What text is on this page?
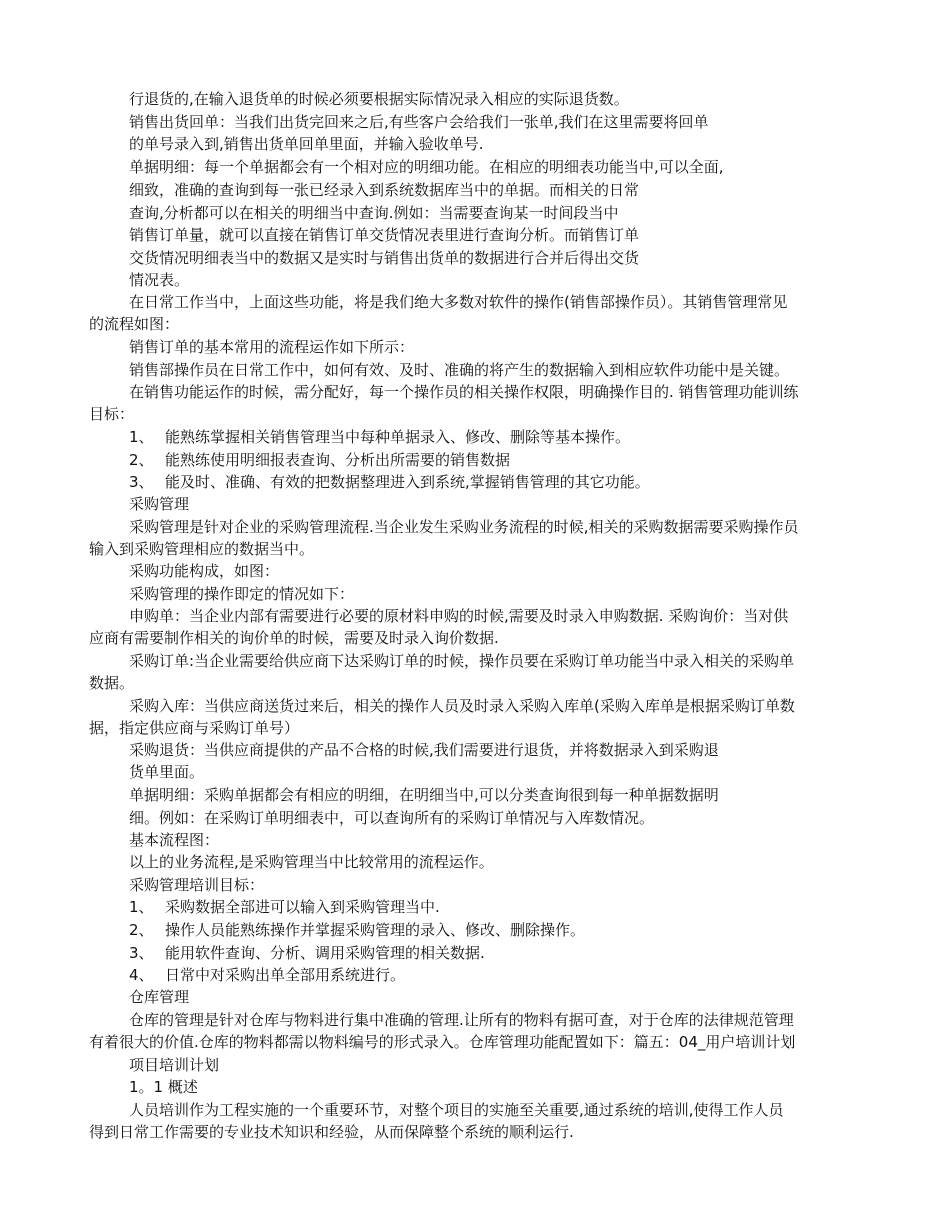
行退货的,在输入退货单的时候必须要根据实际情况录入相应的实际退货数。
销售出货回单：当我们出货完回来之后,有些客户会给我们一张单,我们在这里需要将回单
的单号录入到,销售出货单回单里面，并输入验收单号.
单据明细：每一个单据都会有一个相对应的明细功能。在相应的明细表功能当中,可以全面,
细致，准确的查询到每一张已经录入到系统数据库当中的单据。而相关的日常
查询,分析都可以在相关的明细当中查询.例如：当需要查询某一时间段当中
销售订单量，就可以直接在销售订单交货情况表里进行查询分析。而销售订单
交货情况明细表当中的数据又是实时与销售出货单的数据进行合并后得出交货
情况表。
在日常工作当中，上面这些功能，将是我们绝大多数对软件的操作(销售部操作员）。其销售管理常见
的流程如图：
销售订单的基本常用的流程运作如下所示：
销售部操作员在日常工作中，如何有效、及时、准确的将产生的数据输入到相应软件功能中是关键。
在销售功能运作的时候，需分配好，每一个操作员的相关操作权限，明确操作目的. 销售管理功能训练
目标：
1、 能熟练掌握相关销售管理当中每种单据录入、修改、删除等基本操作。
2、 能熟练使用明细报表查询、分析出所需要的销售数据
3、 能及时、准确、有效的把数据整理进入到系统,掌握销售管理的其它功能。
采购管理
采购管理是针对企业的采购管理流程.当企业发生采购业务流程的时候,相关的采购数据需要采购操作员
输入到采购管理相应的数据当中。
采购功能构成，如图：
采购管理的操作即定的情况如下：
申购单：当企业内部有需要进行必要的原材料申购的时候,需要及时录入申购数据. 采购询价：当对供
应商有需要制作相关的询价单的时候，需要及时录入询价数据.
采购订单:当企业需要给供应商下达采购订单的时候，操作员要在采购订单功能当中录入相关的采购单
数据。
采购入库：当供应商送货过来后，相关的操作人员及时录入采购入库单(采购入库单是根据采购订单数
据，指定供应商与采购订单号）
采购退货：当供应商提供的产品不合格的时候,我们需要进行退货，并将数据录入到采购退
货单里面。
单据明细：采购单据都会有相应的明细，在明细当中,可以分类查询很到每一种单据数据明
细。例如：在采购订单明细表中，可以查询所有的采购订单情况与入库数情况。
基本流程图：
以上的业务流程,是采购管理当中比较常用的流程运作。
采购管理培训目标：
1、 采购数据全部进可以输入到采购管理当中.
2、 操作人员能熟练操作并掌握采购管理的录入、修改、删除操作。
3、 能用软件查询、分析、调用采购管理的相关数据.
4、 日常中对采购出单全部用系统进行。
仓库管理
仓库的管理是针对仓库与物料进行集中准确的管理.让所有的物料有据可查，对于仓库的法律规范管理
有着很大的价值.仓库的物料都需以物料编号的形式录入。仓库管理功能配置如下：篇五：04_用户培训计划
项目培训计划
1。1 概述
人员培训作为工程实施的一个重要环节，对整个项目的实施至关重要,通过系统的培训,使得工作人员
得到日常工作需要的专业技术知识和经验，从而保障整个系统的顺利运行.
